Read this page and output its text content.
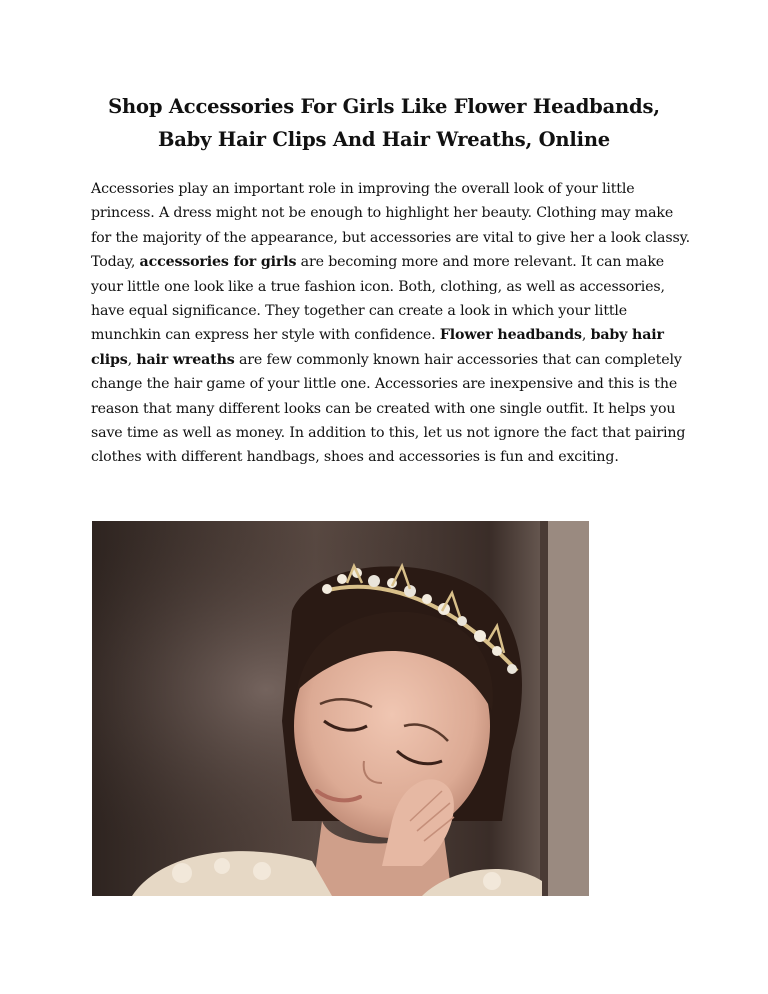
Shop Accessories For Girls Like Flower Headbands, Baby Hair Clips And Hair Wreaths, Online

Accessories play an important role in improving the overall look of your little princess. A dress might not be enough to highlight her beauty. Clothing may make for the majority of the appearance, but accessories are vital to give her a look classy. Today, accessories for girls are becoming more and more relevant. It can make your little one look like a true fashion icon. Both, clothing, as well as accessories, have equal significance. They together can create a look in which your little munchkin can express her style with confidence. Flower headbands, baby hair clips, hair wreaths are few commonly known hair accessories that can completely change the hair game of your little one. Accessories are inexpensive and this is the reason that many different looks can be created with one single outfit. It helps you save time as well as money. In addition to this, let us not ignore the fact that pairing clothes with different handbags, shoes and accessories is fun and exciting.
